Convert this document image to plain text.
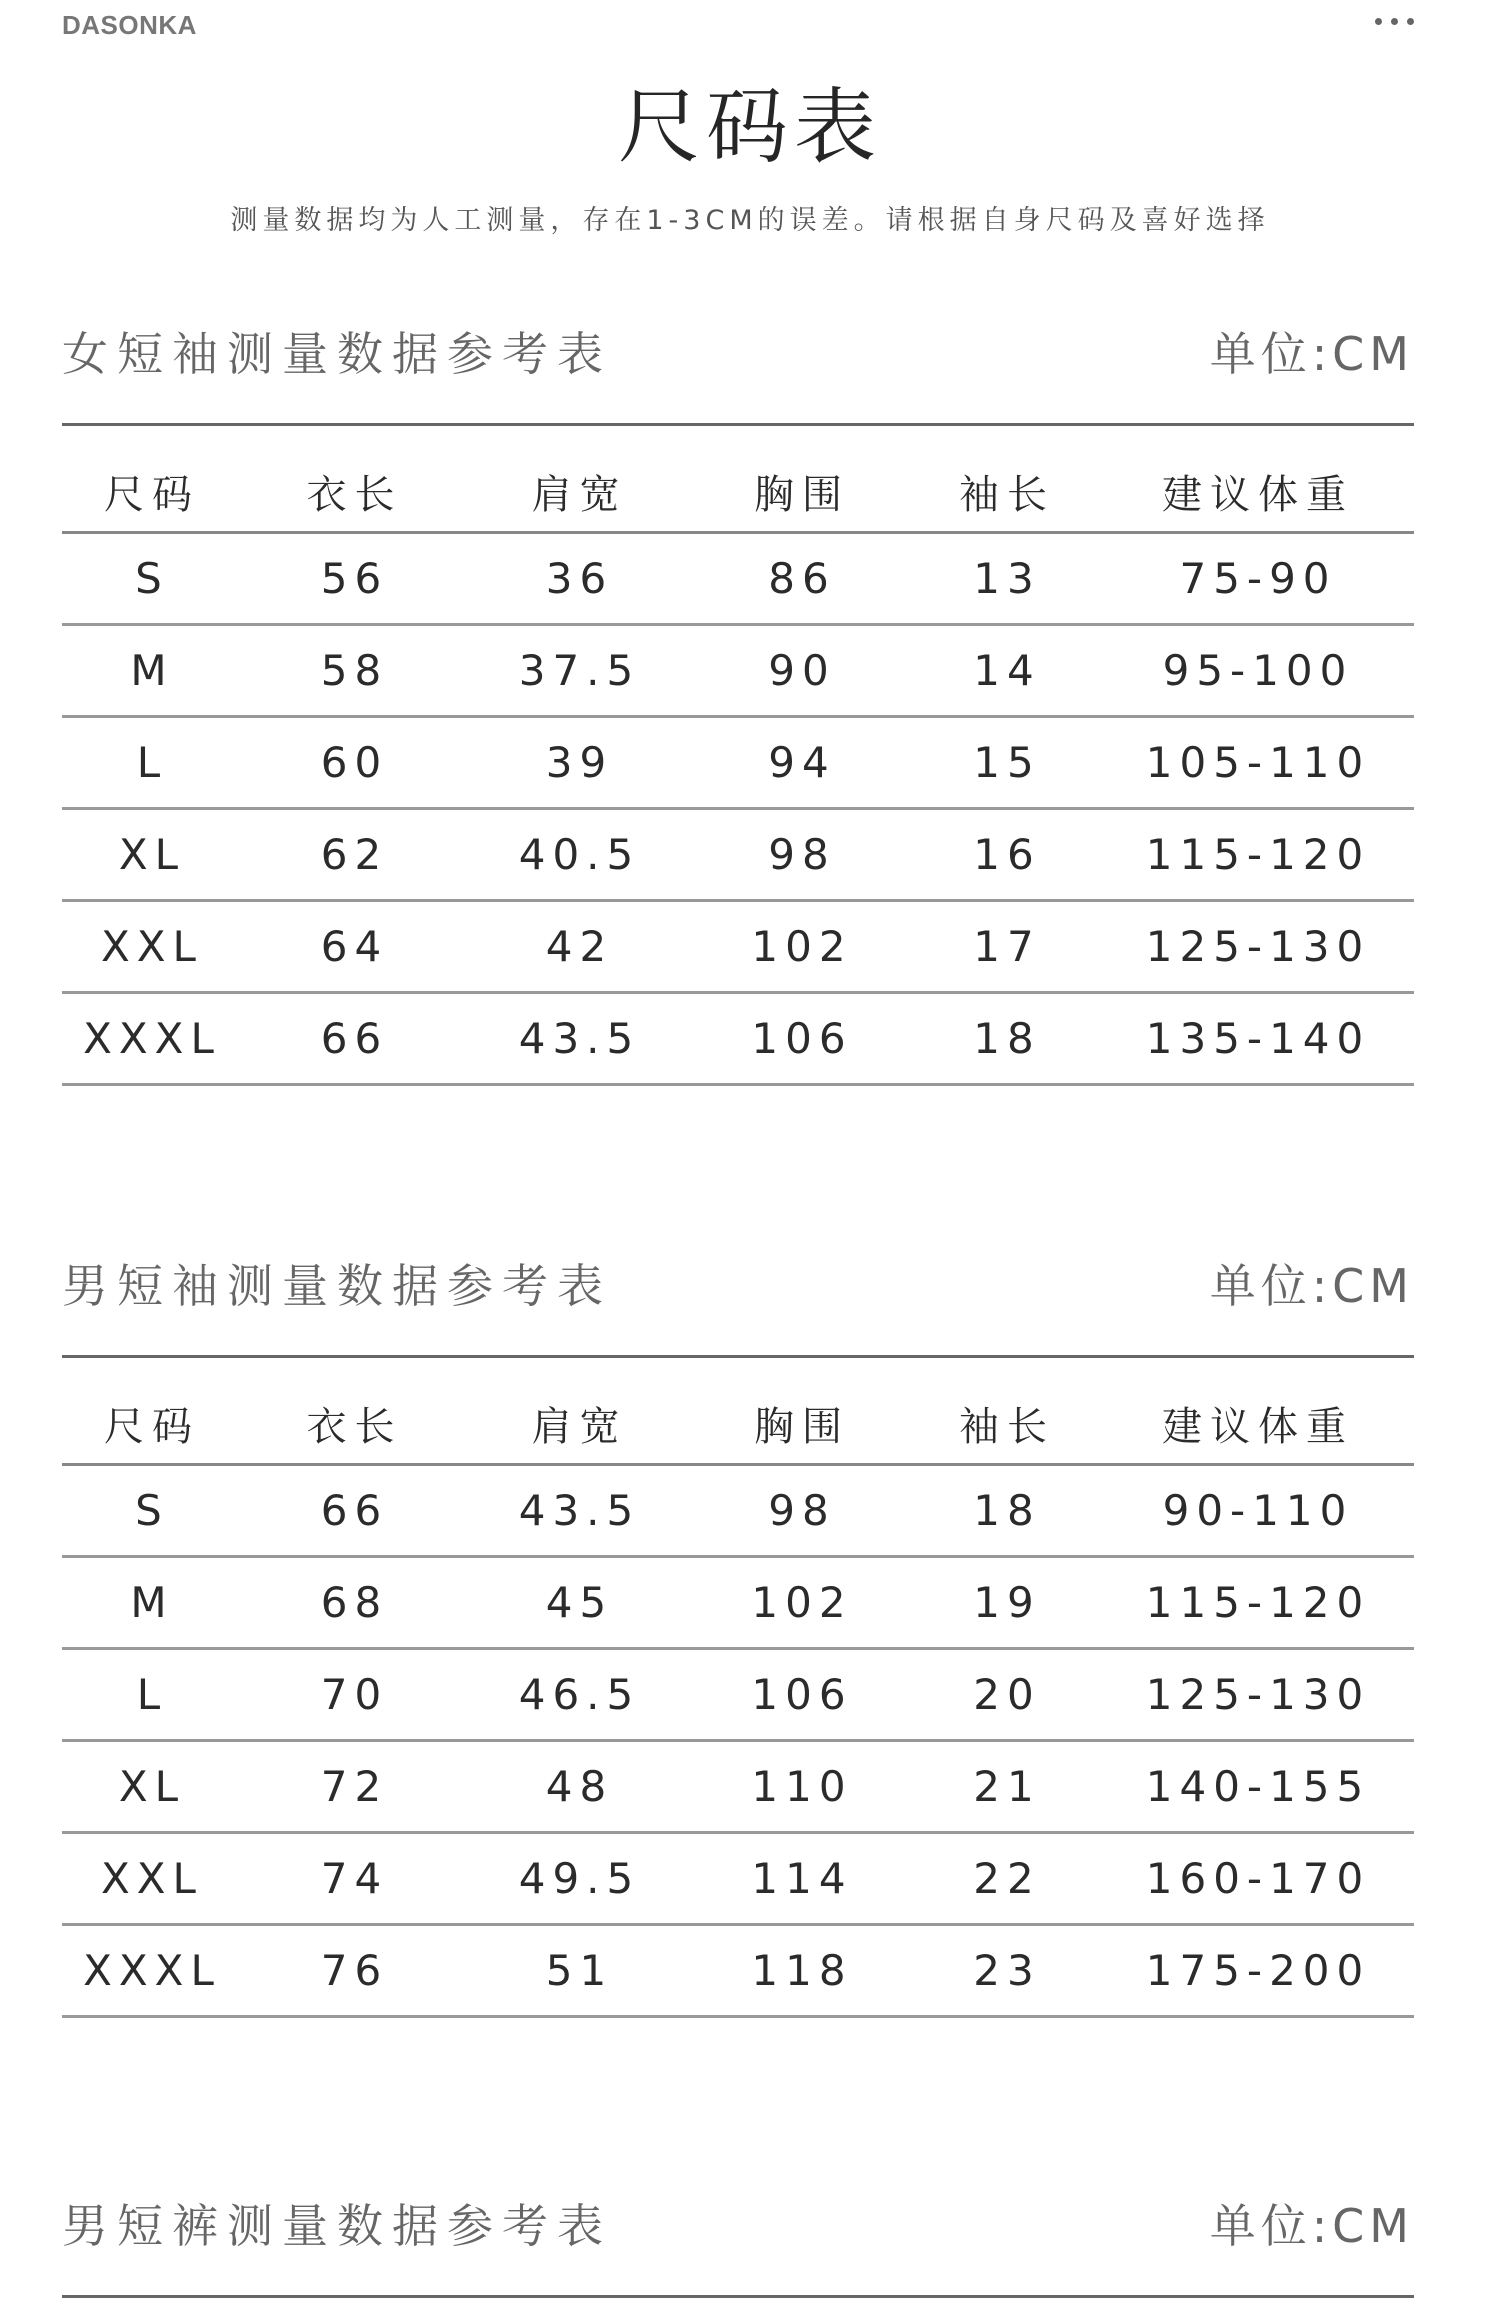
DASONKA
尺码表
测量数据均为人工测量，存在1-3CM的误差。请根据自身尺码及喜好选择
女短袖测量数据参考表	单位:CM
尺码	衣长	肩宽	胸围	袖长	建议体重
S	56	36	86	13	75-90
M	58	37.5	90	14	95-100
L	60	39	94	15	105-110
XL	62	40.5	98	16	115-120
XXL	64	42	102	17	125-130
XXXL	66	43.5	106	18	135-140
男短袖测量数据参考表	单位:CM
尺码	衣长	肩宽	胸围	袖长	建议体重
S	66	43.5	98	18	90-110
M	68	45	102	19	115-120
L	70	46.5	106	20	125-130
XL	72	48	110	21	140-155
XXL	74	49.5	114	22	160-170
XXXL	76	51	118	23	175-200
男短裤测量数据参考表	单位:CM
